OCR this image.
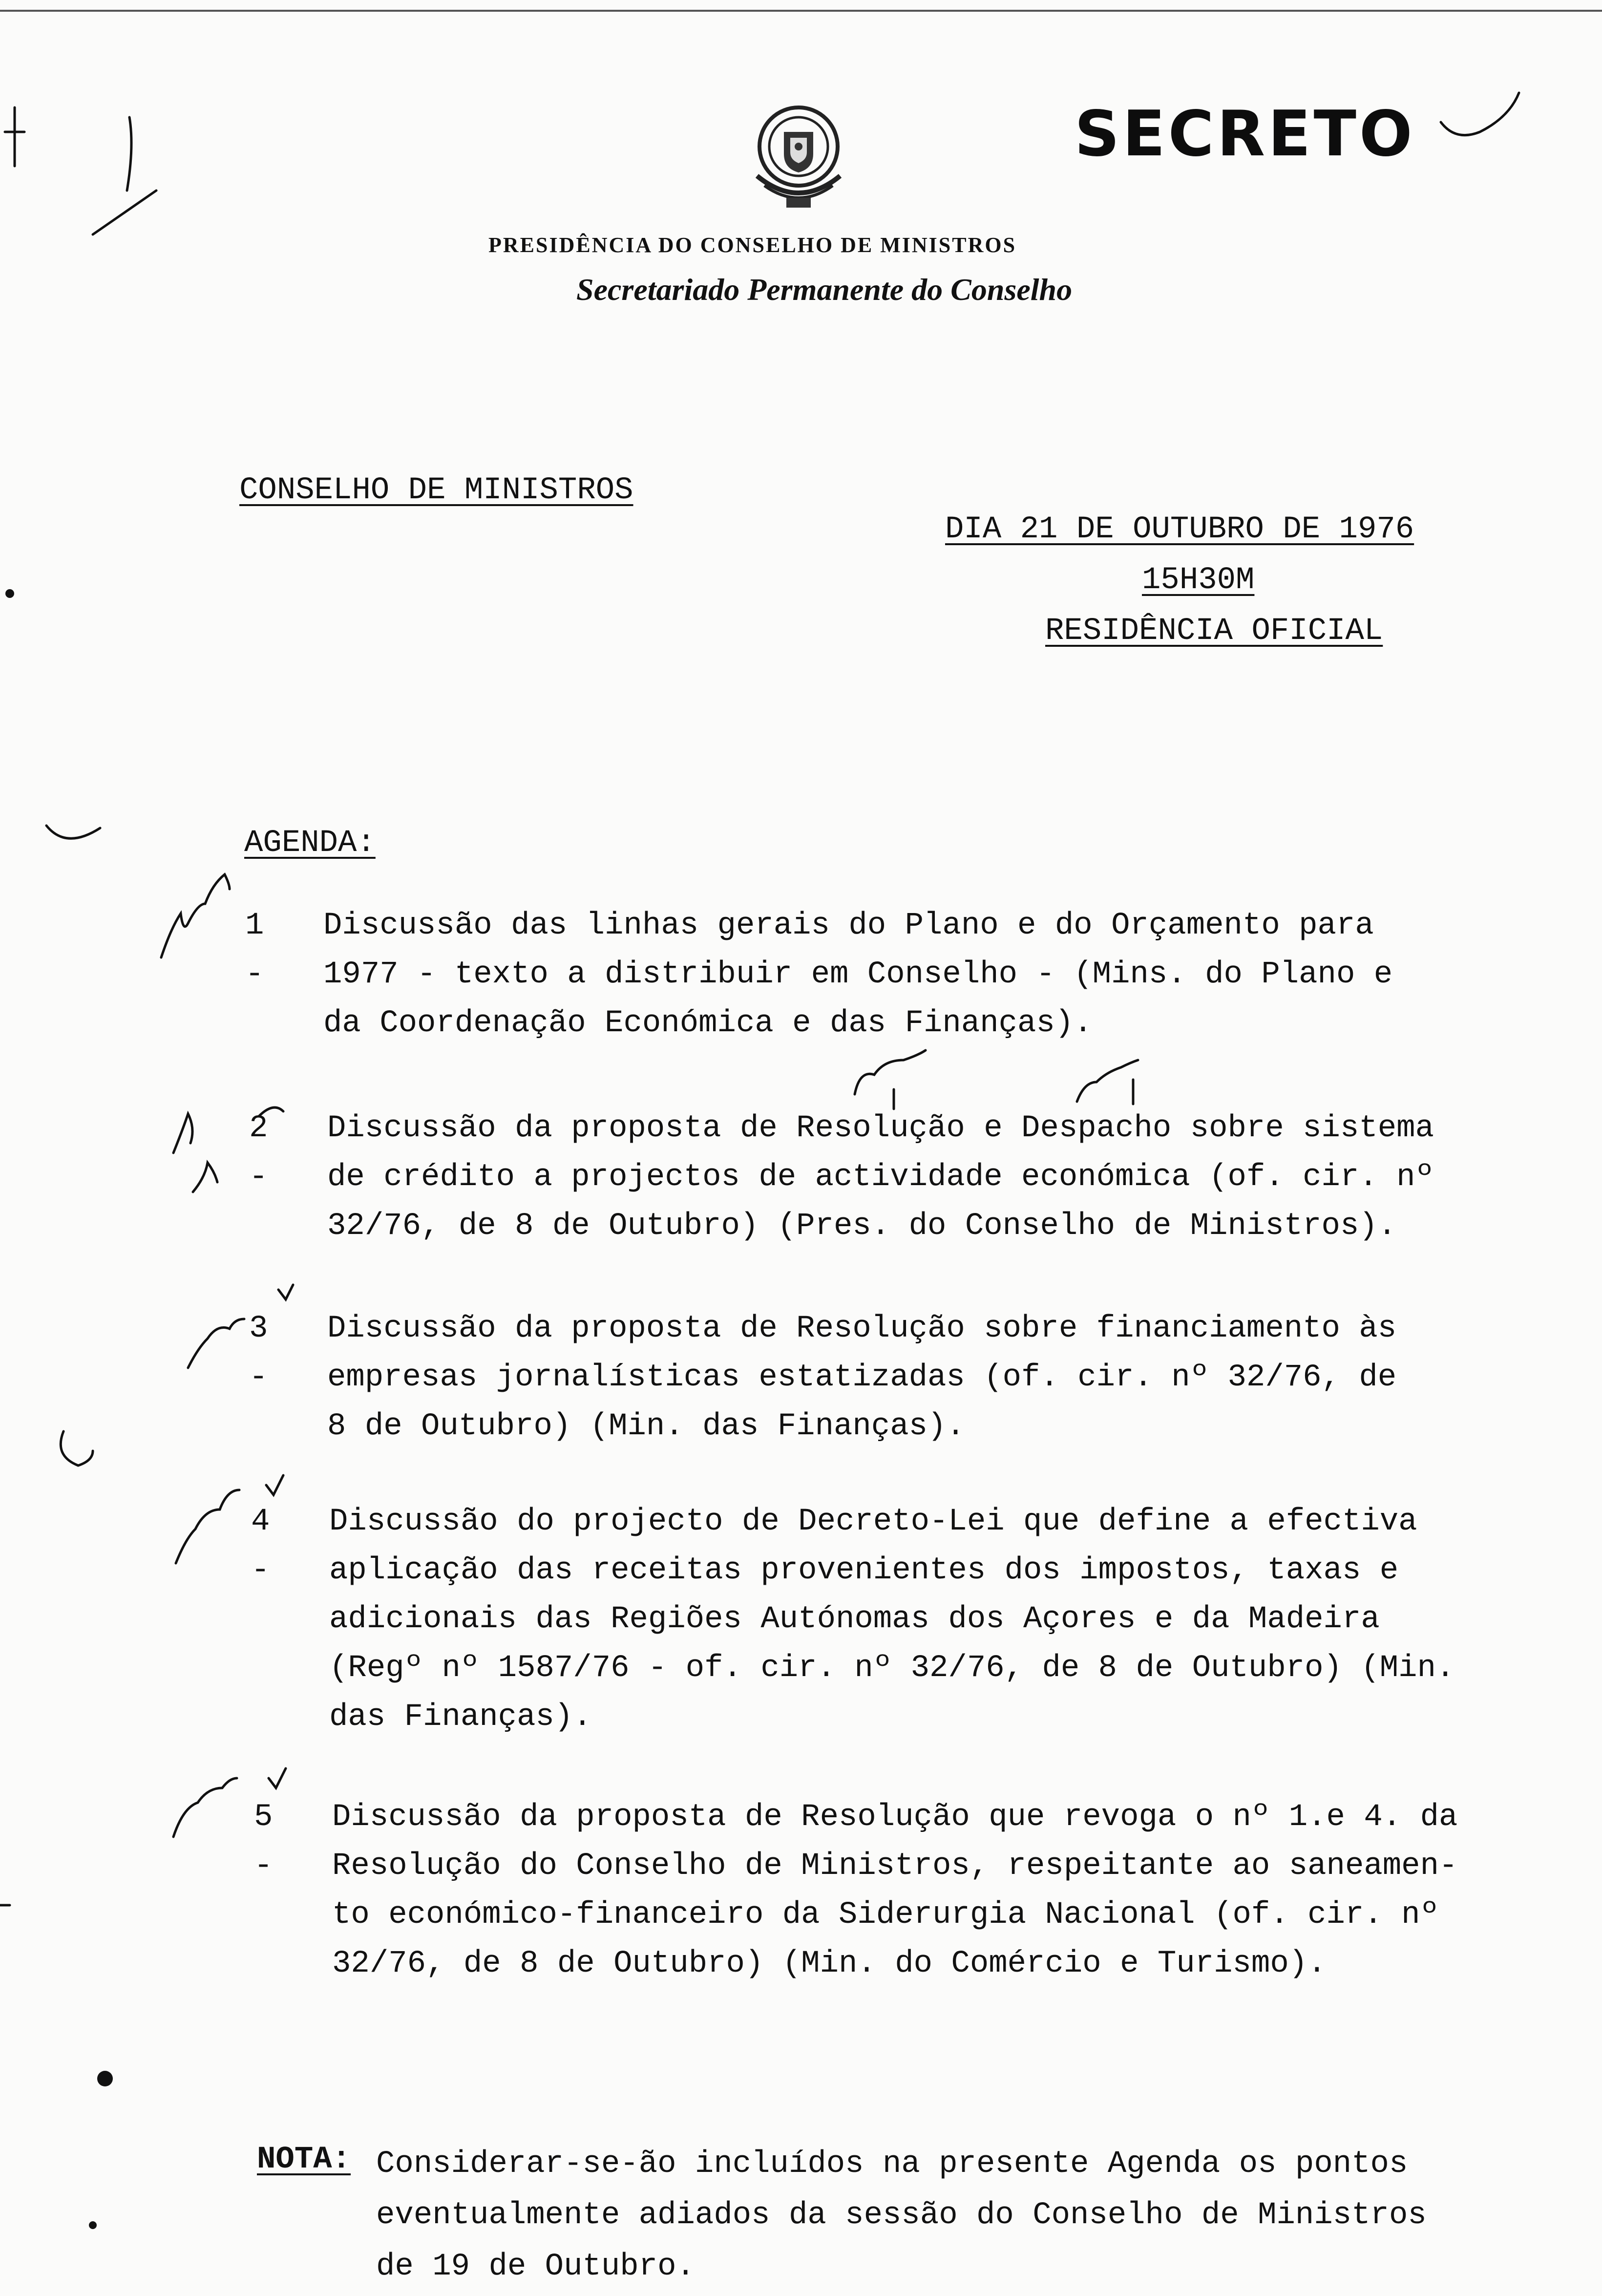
SECRETO
PRESIDÊNCIA DO CONSELHO DE MINISTROS
Secretariado Permanente do Conselho
CONSELHO DE MINISTROS
DIA 21 DE OUTUBRO DE 1976
15H30M
RESIDÊNCIA OFICIAL
AGENDA:
1 -
Discussão das linhas gerais do Plano e do Orçamento para
1977 - texto a distribuir em Conselho - (Mins. do Plano e
da Coordenação Económica e das Finanças).
2 -
Discussão da proposta de Resolução e Despacho sobre sistema
de crédito a projectos de actividade económica (of. cir. nº
32/76, de 8 de Outubro) (Pres. do Conselho de Ministros).
3 -
Discussão da proposta de Resolução sobre financiamento às
empresas jornalísticas estatizadas (of. cir. nº 32/76, de
8 de Outubro) (Min. das Finanças).
4 -
Discussão do projecto de Decreto-Lei que define a efectiva
aplicação das receitas provenientes dos impostos, taxas e
adicionais das Regiões Autónomas dos Açores e da Madeira
(Regº nº 1587/76 - of. cir. nº 32/76, de 8 de Outubro) (Min.
das Finanças).
5 -
Discussão da proposta de Resolução que revoga o nº 1.e 4. da
Resolução do Conselho de Ministros, respeitante ao saneamen-
to económico-financeiro da Siderurgia Nacional (of. cir. nº
32/76, de 8 de Outubro) (Min. do Comércio e Turismo).
NOTA: Considerar-se-ão incluídos na presente Agenda os pontos
eventualmente adiados da sessão do Conselho de Ministros
de 19 de Outubro.
